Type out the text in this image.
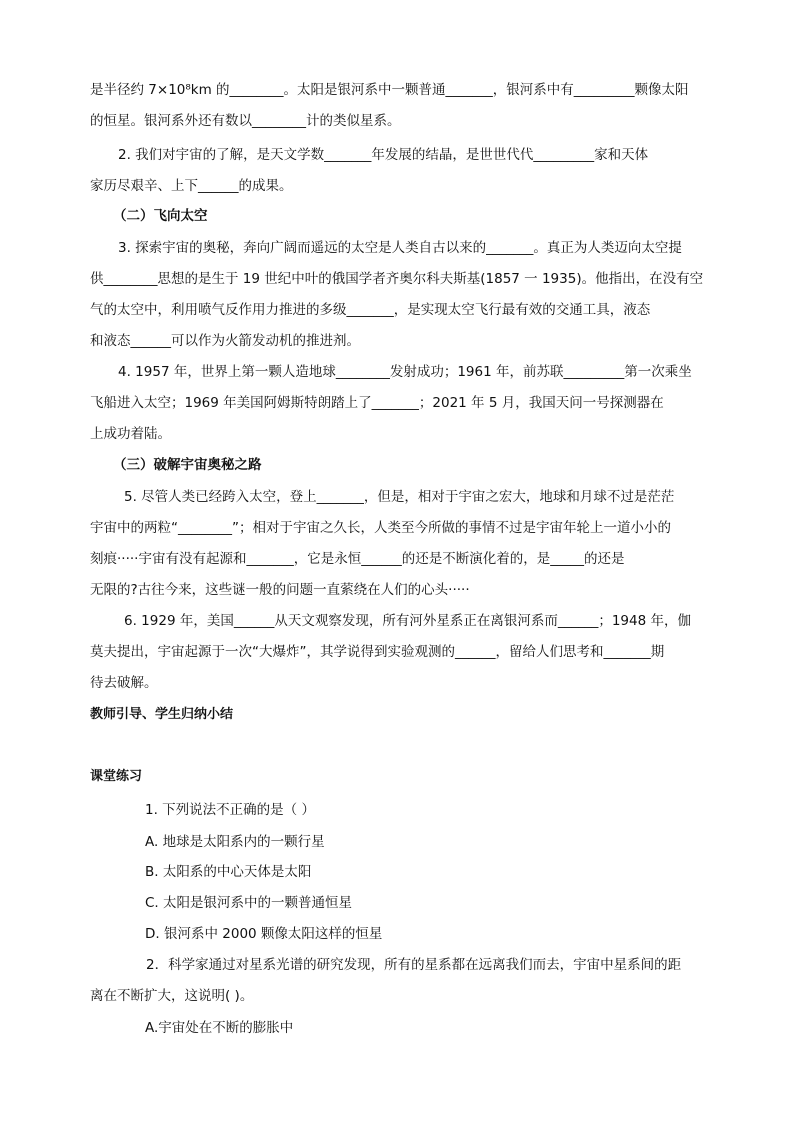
是半径约 7×10⁸km 的________。太阳是银河系中一颗普通_______，银河系中有_________颗像太阳
的恒星。银河系外还有数以________计的类似星系。
2. 我们对宇宙的了解，是天文学数_______年发展的结晶，是世世代代_________家和天体
家历尽艰辛、上下______的成果。
（二）飞向太空
3. 探索宇宙的奥秘，奔向广阔而遥远的太空是人类自古以来的_______。真正为人类迈向太空提
供________思想的是生于 19 世纪中叶的俄国学者齐奥尔科夫斯基(1857 一 1935)。他指出，在没有空
气的太空中，利用喷气反作用力推进的多级_______，是实现太空飞行最有效的交通工具，液态
和液态______可以作为火箭发动机的推进剂。
4. 1957 年，世界上第一颗人造地球________发射成功；1961 年，前苏联_________第一次乘坐
飞船进入太空；1969 年美国阿姆斯特朗踏上了_______；2021 年 5 月，我国天问一号探测器在
上成功着陆。
（三）破解宇宙奥秘之路
5. 尽管人类已经跨入太空，登上_______，但是，相对于宇宙之宏大，地球和月球不过是茫茫
宇宙中的两粒“________”；相对于宇宙之久长，人类至今所做的事情不过是宇宙年轮上一道小小的
刻痕·····宇宙有没有起源和_______，它是永恒______的还是不断演化着的，是_____的还是
无限的?古往今来，这些谜一般的问题一直萦绕在人们的心头·····
6. 1929 年，美国______从天文观察发现，所有河外星系正在离银河系而______；1948 年，伽
莫夫提出，宇宙起源于一次“大爆炸”，其学说得到实验观测的______，留给人们思考和_______期
待去破解。
教师引导、学生归纳小结
课堂练习
1. 下列说法不正确的是（ ）
A. 地球是太阳系内的一颗行星
B. 太阳系的中心天体是太阳
C. 太阳是银河系中的一颗普通恒星
D. 银河系中 2000 颗像太阳这样的恒星
2．科学家通过对星系光谱的研究发现，所有的星系都在远离我们而去，宇宙中星系间的距
离在不断扩大，这说明( )。
A.宇宙处在不断的膨胀中
